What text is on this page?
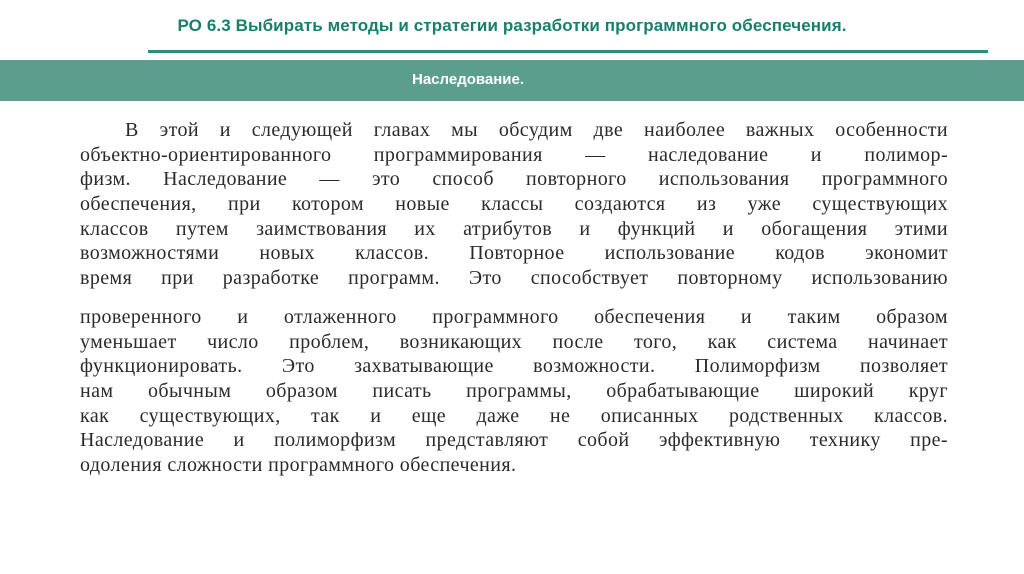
РО 6.3 Выбирать методы и стратегии разработки программного обеспечения.
Наследование.
В этой и следующей главах мы обсудим две наиболее важных особенности
объектно-ориентированного программирования — наследование и полимор-
физм. Наследование — это способ повторного использования программного
обеспечения, при котором новые классы создаются из уже существующих
классов путем заимствования их атрибутов и функций и обогащения этими
возможностями новых классов. Повторное использование кодов экономит
время при разработке программ. Это способствует повторному использованию
проверенного и отлаженного программного обеспечения и таким образом
уменьшает число проблем, возникающих после того, как система начинает
функционировать. Это захватывающие возможности. Полиморфизм позволяет
нам обычным образом писать программы, обрабатывающие широкий круг
как существующих, так и еще даже не описанных родственных классов.
Наследование и полиморфизм представляют собой эффективную технику пре-
одоления сложности программного обеспечения.
